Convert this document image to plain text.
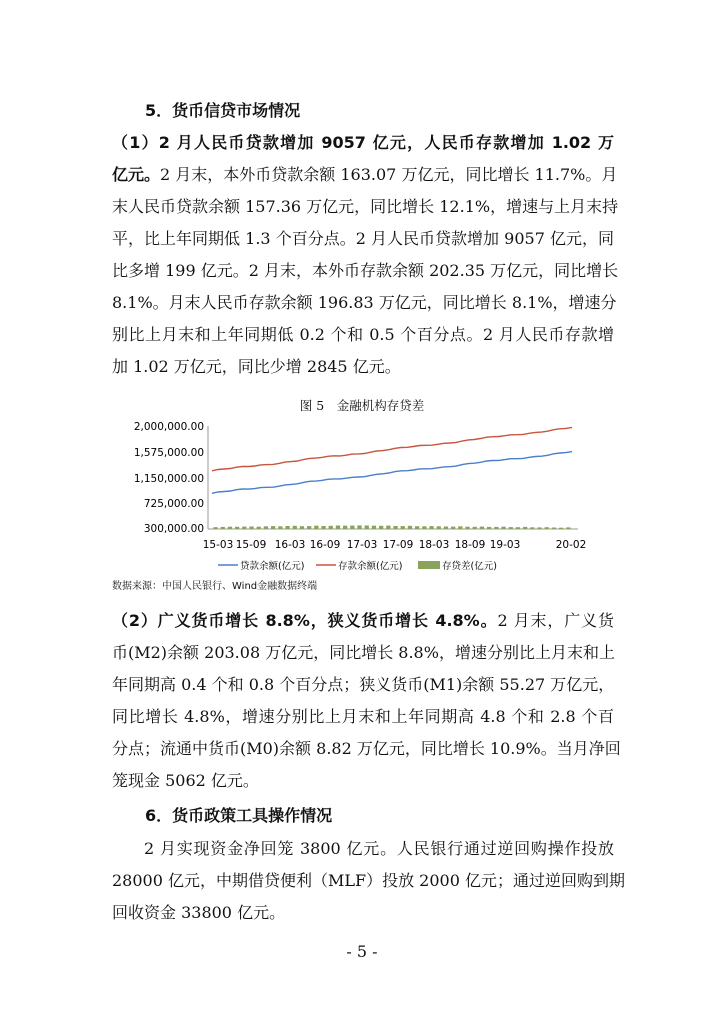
5．货币信贷市场情况
（1）2 月人民币贷款增加 9057 亿元，人民币存款增加 1.02 万
亿元。2 月末，本外币贷款余额 163.07 万亿元，同比增长 11.7%。月
末人民币贷款余额 157.36 万亿元，同比增长 12.1%，增速与上月末持
平，比上年同期低 1.3 个百分点。2 月人民币贷款增加 9057 亿元，同
比多增 199 亿元。2 月末，本外币存款余额 202.35 万亿元，同比增长
8.1%。月末人民币存款余额 196.83 万亿元，同比增长 8.1%，增速分
别比上月末和上年同期低 0.2 个和 0.5 个百分点。2 月人民币存款增
加 1.02 万亿元，同比少增 2845 亿元。
图 5　金融机构存贷差
2,000,000.00
1,575,000.00
1,150,000.00
725,000.00
300,000.00
15-03 15-09 16-03 16-09 17-03 17-09 18-03 18-09 19-03	20-02
贷款余额(亿元)	存款余额(亿元)	存贷差(亿元)
数据来源：中国人民银行、Wind金融数据终端
（2）广义货币增长 8.8%，狭义货币增长 4.8%。2 月末，广义货
币(M2)余额 203.08 万亿元，同比增长 8.8%，增速分别比上月末和上
年同期高 0.4 个和 0.8 个百分点；狭义货币(M1)余额 55.27 万亿元，
同比增长 4.8%，增速分别比上月末和上年同期高 4.8 个和 2.8 个百
分点；流通中货币(M0)余额 8.82 万亿元，同比增长 10.9%。当月净回
笼现金 5062 亿元。
6．货币政策工具操作情况
2 月实现资金净回笼 3800 亿元。人民银行通过逆回购操作投放
28000 亿元，中期借贷便利（MLF）投放 2000 亿元；通过逆回购到期
回收资金 33800 亿元。
- 5 -
